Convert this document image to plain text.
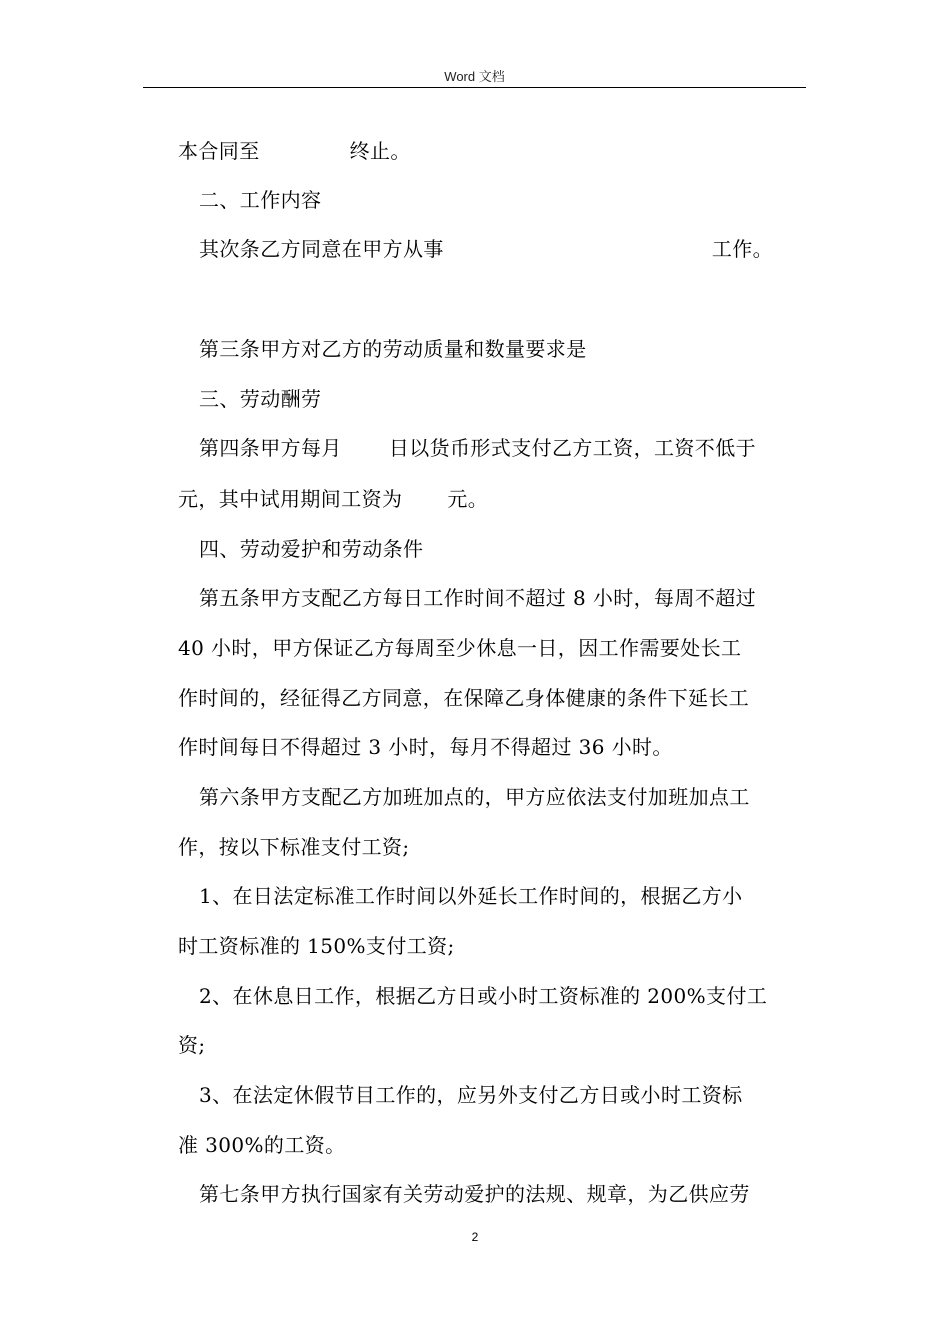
Word 文档
本合同至	终止。
二、工作内容
其次条乙方同意在甲方从事	工作。
第三条甲方对乙方的劳动质量和数量要求是
三、劳动酬劳
第四条甲方每月 日以货币形式支付乙方工资，工资不低于
元，其中试用期间工资为 元。
四、劳动爱护和劳动条件
第五条甲方支配乙方每日工作时间不超过 8 小时，每周不超过
40 小时，甲方保证乙方每周至少休息一日，因工作需要处长工
作时间的，经征得乙方同意，在保障乙身体健康的条件下延长工
作时间每日不得超过 3 小时，每月不得超过 36 小时。
第六条甲方支配乙方加班加点的，甲方应依法支付加班加点工
作，按以下标准支付工资;
1、在日法定标准工作时间以外延长工作时间的，根据乙方小
时工资标准的 150%支付工资;
2、在休息日工作，根据乙方日或小时工资标准的 200%支付工
资;
3、在法定休假节目工作的，应另外支付乙方日或小时工资标
准 300%的工资。
第七条甲方执行国家有关劳动爱护的法规、规章，为乙供应劳
2
